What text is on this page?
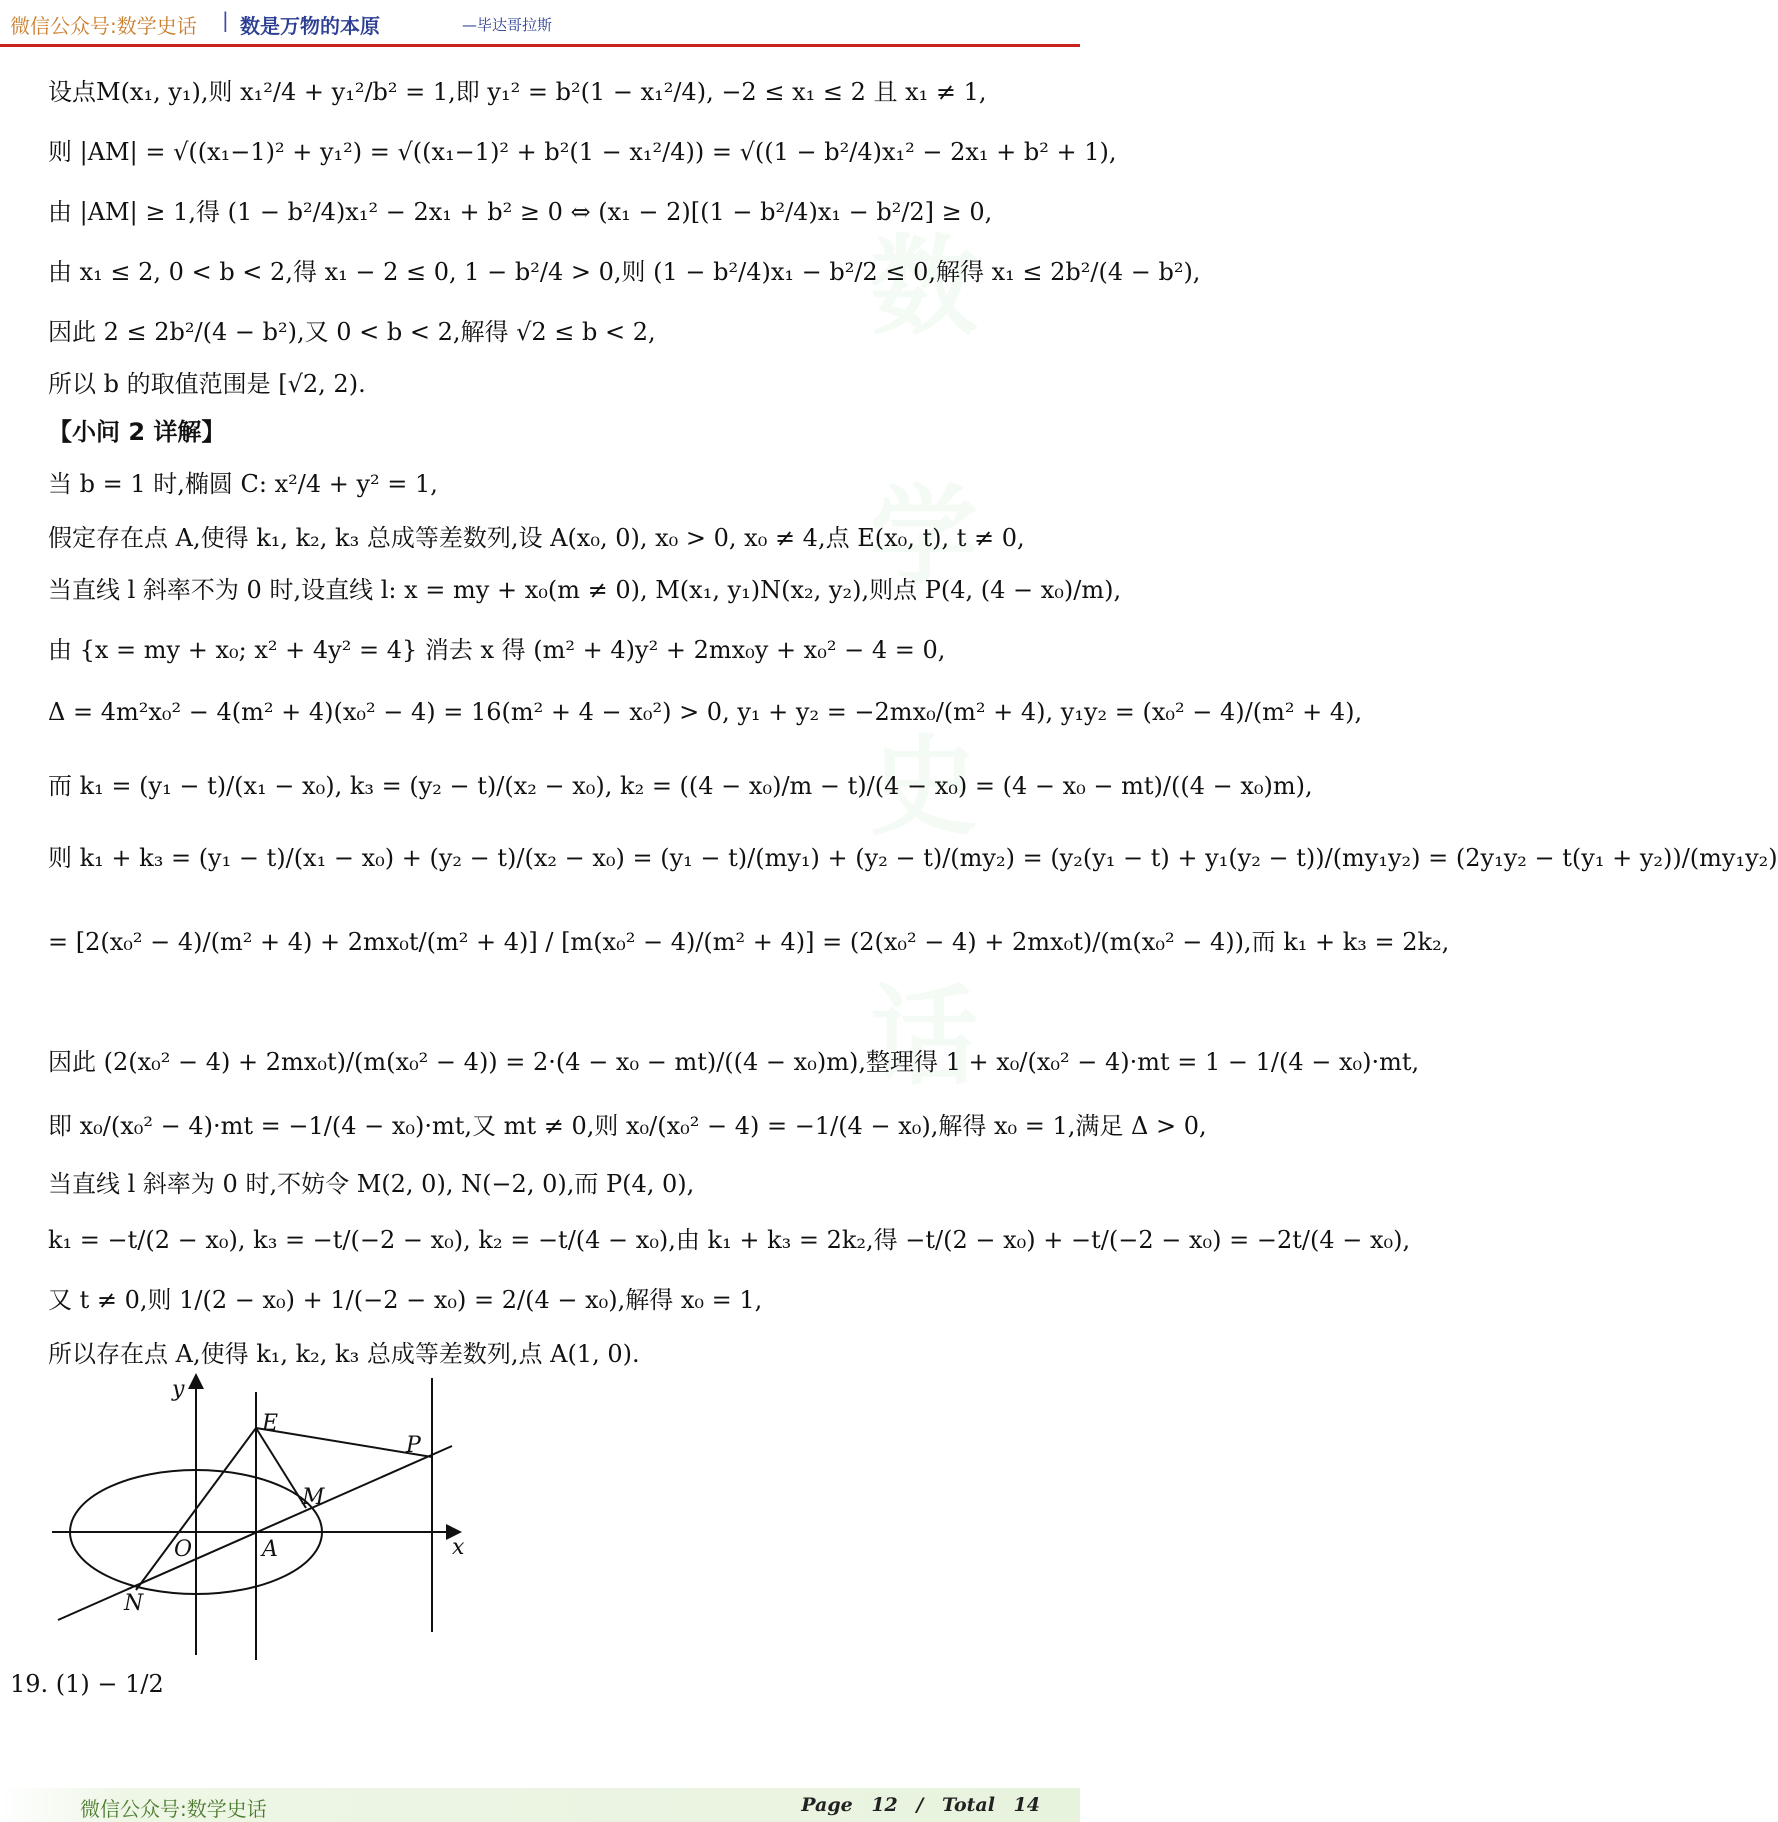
微信公众号:数学史话 | 数是万物的本原	—毕达哥拉斯
数
学
史
话
设点M(x₁, y₁),则 x₁²/4 + y₁²/b² = 1,即 y₁² = b²(1 − x₁²/4), −2 ≤ x₁ ≤ 2 且 x₁ ≠ 1,
则 |AM| = √((x₁−1)² + y₁²) = √((x₁−1)² + b²(1 − x₁²/4)) = √((1 − b²/4)x₁² − 2x₁ + b² + 1),
由 |AM| ≥ 1,得 (1 − b²/4)x₁² − 2x₁ + b² ≥ 0 ⇔ (x₁ − 2)[(1 − b²/4)x₁ − b²/2] ≥ 0,
由 x₁ ≤ 2, 0 < b < 2,得 x₁ − 2 ≤ 0, 1 − b²/4 > 0,则 (1 − b²/4)x₁ − b²/2 ≤ 0,解得 x₁ ≤ 2b²/(4 − b²),
因此 2 ≤ 2b²/(4 − b²),又 0 < b < 2,解得 √2 ≤ b < 2,
所以 b 的取值范围是 [√2, 2).
【小问 2 详解】
当 b = 1 时,椭圆 C: x²/4 + y² = 1,
假定存在点 A,使得 k₁, k₂, k₃ 总成等差数列,设 A(x₀, 0), x₀ > 0, x₀ ≠ 4,点 E(x₀, t), t ≠ 0,
当直线 l 斜率不为 0 时,设直线 l: x = my + x₀(m ≠ 0), M(x₁, y₁)N(x₂, y₂),则点 P(4, (4 − x₀)/m),
由 {x = my + x₀; x² + 4y² = 4} 消去 x 得 (m² + 4)y² + 2mx₀y + x₀² − 4 = 0,
Δ = 4m²x₀² − 4(m² + 4)(x₀² − 4) = 16(m² + 4 − x₀²) > 0, y₁ + y₂ = −2mx₀/(m² + 4), y₁y₂ = (x₀² − 4)/(m² + 4),
而 k₁ = (y₁ − t)/(x₁ − x₀), k₃ = (y₂ − t)/(x₂ − x₀), k₂ = ((4 − x₀)/m − t)/(4 − x₀) = (4 − x₀ − mt)/((4 − x₀)m),
则 k₁ + k₃ = (y₁ − t)/(x₁ − x₀) + (y₂ − t)/(x₂ − x₀) = (y₁ − t)/(my₁) + (y₂ − t)/(my₂) = (y₂(y₁ − t) + y₁(y₂ − t))/(my₁y₂) = (2y₁y₂ − t(y₁ + y₂))/(my₁y₂)
= [2(x₀² − 4)/(m² + 4) + 2mx₀t/(m² + 4)] / [m(x₀² − 4)/(m² + 4)] = (2(x₀² − 4) + 2mx₀t)/(m(x₀² − 4)),而 k₁ + k₃ = 2k₂,
因此 (2(x₀² − 4) + 2mx₀t)/(m(x₀² − 4)) = 2·(4 − x₀ − mt)/((4 − x₀)m),整理得 1 + x₀/(x₀² − 4)·mt = 1 − 1/(4 − x₀)·mt,
即 x₀/(x₀² − 4)·mt = −1/(4 − x₀)·mt,又 mt ≠ 0,则 x₀/(x₀² − 4) = −1/(4 − x₀),解得 x₀ = 1,满足 Δ > 0,
当直线 l 斜率为 0 时,不妨令 M(2, 0), N(−2, 0),而 P(4, 0),
k₁ = −t/(2 − x₀), k₃ = −t/(−2 − x₀), k₂ = −t/(4 − x₀),由 k₁ + k₃ = 2k₂,得 −t/(2 − x₀) + −t/(−2 − x₀) = −2t/(4 − x₀),
又 t ≠ 0,则 1/(2 − x₀) + 1/(−2 − x₀) = 2/(4 − x₀),解得 x₀ = 1,
所以存在点 A,使得 k₁, k₂, k₃ 总成等差数列,点 A(1, 0).
19. (1) − 1/2
y
x
O	A
E
P
M
N
微信公众号:数学史话	Page 12 / Total 14
